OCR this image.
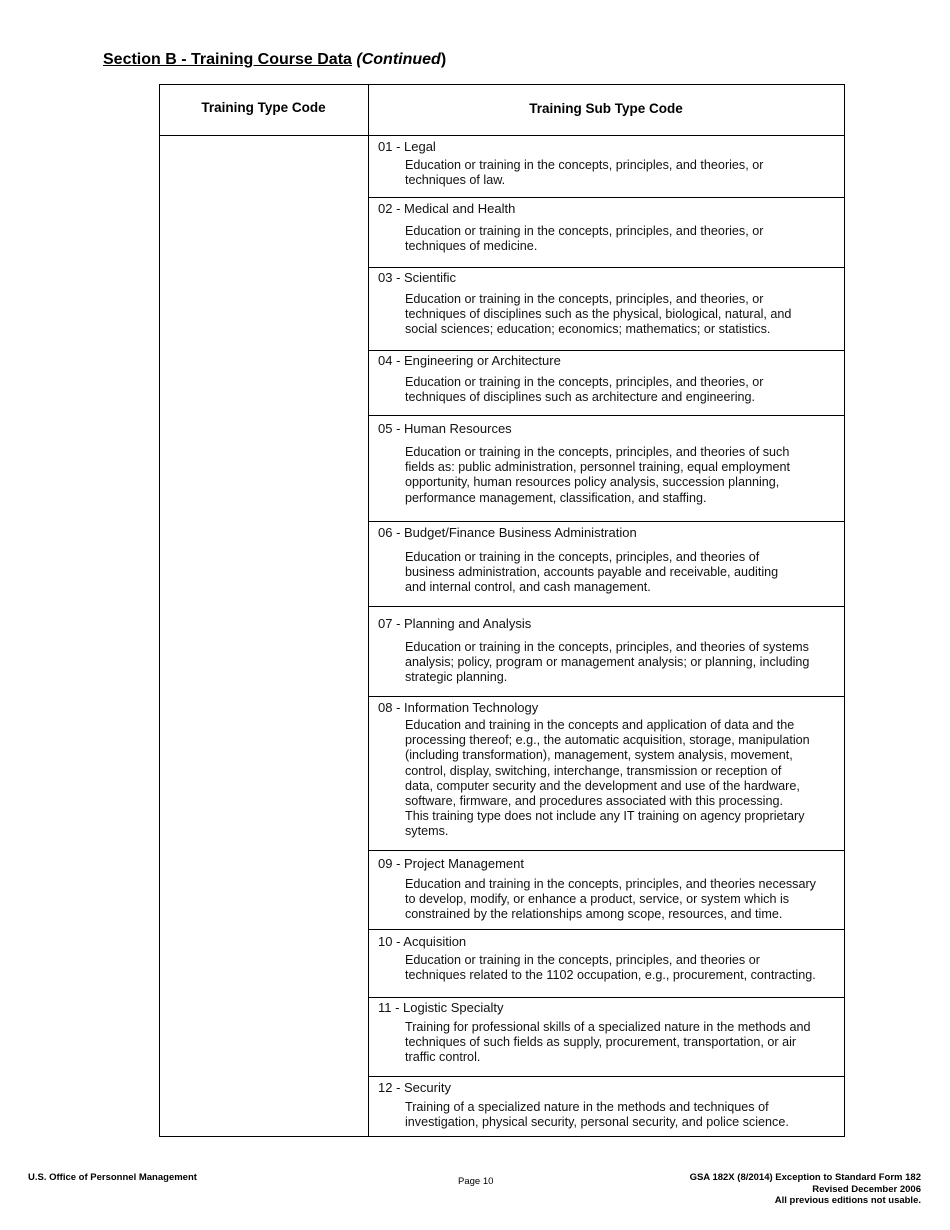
Section B - Training Course Data (Continued)
Training Type Code	Training Sub Type Code
01 - Legal
Education or training in the concepts, principles, and theories, or
techniques of law.
02 - Medical and Health
Education or training in the concepts, principles, and theories, or
techniques of medicine.
03 - Scientific
Education or training in the concepts, principles, and theories, or
techniques of disciplines such as the physical, biological, natural, and
social sciences; education; economics; mathematics; or statistics.
04 - Engineering or Architecture
Education or training in the concepts, principles, and theories, or
techniques of disciplines such as architecture and engineering.
05 - Human Resources
Education or training in the concepts, principles, and theories of such
fields as: public administration, personnel training, equal employment
opportunity, human resources policy analysis, succession planning,
performance management, classification, and staffing.
06 - Budget/Finance Business Administration
Education or training in the concepts, principles, and theories of
business administration, accounts payable and receivable, auditing
and internal control, and cash management.
07 - Planning and Analysis
Education or training in the concepts, principles, and theories of systems
analysis; policy, program or management analysis; or planning, including
strategic planning.
08 - Information Technology
Education and training in the concepts and application of data and the
processing thereof; e.g., the automatic acquisition, storage, manipulation
(including transformation), management, system analysis, movement,
control, display, switching, interchange, transmission or reception of
data, computer security and the development and use of the hardware,
software, firmware, and procedures associated with this processing.
This training type does not include any IT training on agency proprietary
sytems.
09 - Project Management
Education and training in the concepts, principles, and theories necessary
to develop, modify, or enhance a product, service, or system which is
constrained by the relationships among scope, resources, and time.
10 - Acquisition
Education or training in the concepts, principles, and theories or
techniques related to the 1102 occupation, e.g., procurement, contracting.
11 - Logistic Specialty
Training for professional skills of a specialized nature in the methods and
techniques of such fields as supply, procurement, transportation, or air
traffic control.
12 - Security
Training of a specialized nature in the methods and techniques of
investigation, physical security, personal security, and police science.
U.S. Office of Personnel Management	Page 10	GSA 182X (8/2014) Exception to Standard Form 182
Revised December 2006
All previous editions not usable.
